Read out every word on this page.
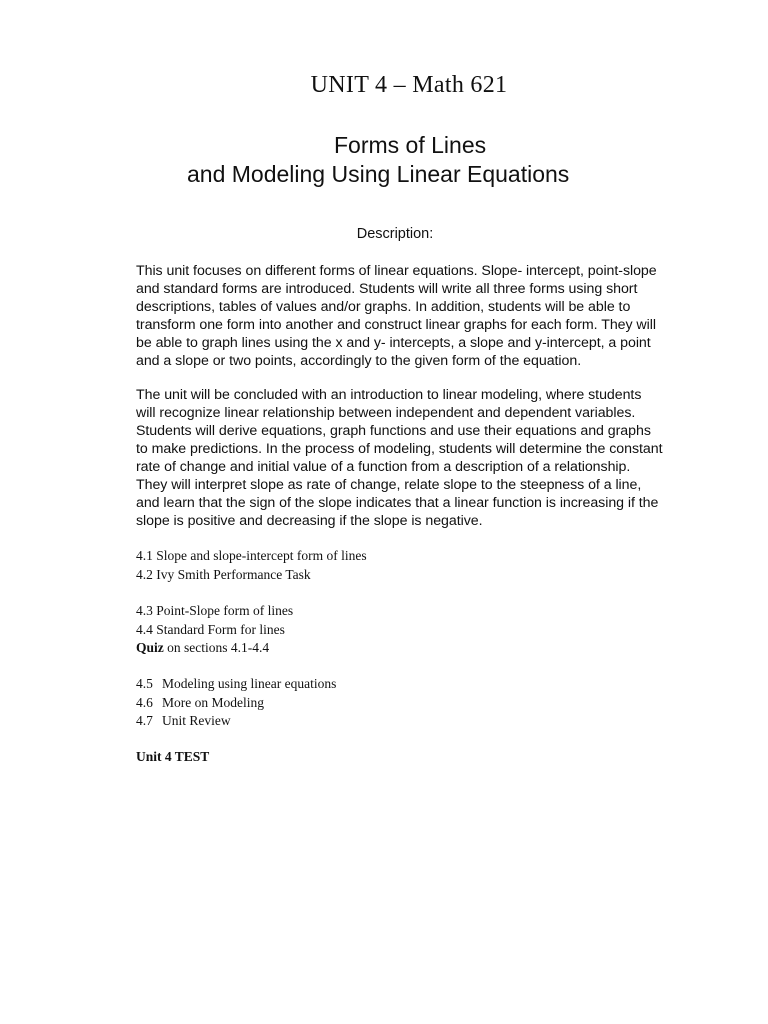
UNIT 4 – Math 621
Forms of Lines
and Modeling Using Linear Equations
Description:

This unit focuses on different forms of linear equations. Slope- intercept, point-slope
and standard forms are introduced. Students will write all three forms using short
descriptions, tables of values and/or graphs. In addition, students will be able to
transform one form into another and construct linear graphs for each form. They will
be able to graph lines using the x and y- intercepts, a slope and y-intercept, a point
and a slope or two points, accordingly to the given form of the equation.

The unit will be concluded with an introduction to linear modeling, where students
will recognize linear relationship between independent and dependent variables.
Students will derive equations, graph functions and use their equations and graphs
to make predictions. In the process of modeling, students will determine the constant
rate of change and initial value of a function from a description of a relationship.
They will interpret slope as rate of change, relate slope to the steepness of a line,
and learn that the sign of the slope indicates that a linear function is increasing if the
slope is positive and decreasing if the slope is negative.

4.1 Slope and slope-intercept form of lines
4.2 Ivy Smith Performance Task
4.3 Point-Slope form of lines
4.4 Standard Form for lines
Quiz on sections 4.1-4.4
4.5 Modeling using linear equations
4.6 More on Modeling
4.7 Unit Review
Unit 4 TEST
